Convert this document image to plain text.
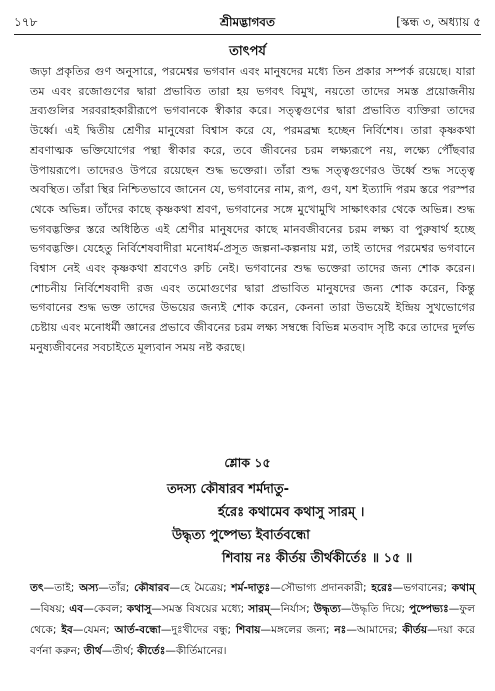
১৭৮	শ্রীমদ্ভাগবত	[স্কন্ধ ৩, অধ্যায় ৫
তাৎপর্য

জড়া প্রকৃতির গুণ অনুসারে, পরমেশ্বর ভগবান এবং মানুষদের মধ্যে তিন প্রকার সম্পর্ক রয়েছে। যারা তম এবং রজোগুণের দ্বারা প্রভাবিত তারা হয় ভগবৎ বিমুখ, নয়তো তাদের সমস্ত প্রয়োজনীয় দ্রব্যগুলির সরবরাহকারীরূপে ভগবানকে স্বীকার করে। সত্ত্বগুণের দ্বারা প্রভাবিত ব্যক্তিরা তাদের উর্ধ্বে। এই দ্বিতীয় শ্রেণীর মানুষেরা বিশ্বাস করে যে, পরমব্রহ্ম হচ্ছেন নির্বিশেষ। তারা কৃষ্ণকথা শ্রবণাত্মক ভক্তিযোগের পন্থা স্বীকার করে, তবে জীবনের চরম লক্ষ্যরূপে নয়, লক্ষ্যে পৌঁছবার উপায়রূপে। তাদেরও উপরে রয়েছেন শুদ্ধ ভক্তেরা। তাঁরা শুদ্ধ সত্ত্বগুণেরও উর্ধ্বে শুদ্ধ সত্ত্বে অবস্থিত। তাঁরা স্থির নিশ্চিতভাবে জানেন যে, ভগবানের নাম, রূপ, গুণ, যশ ইত্যাদি পরম স্তরে পরস্পর থেকে অভিন্ন। তাঁদের কাছে কৃষ্ণকথা শ্রবণ, ভগবানের সঙ্গে মুখোমুখি সাক্ষাৎকার থেকে অভিন্ন। শুদ্ধ ভগবদ্ভক্তির স্তরে অধিষ্ঠিত এই শ্রেণীর মানুষদের কাছে মানবজীবনের চরম লক্ষ্য বা পুরুষার্থ হচ্ছে ভগবদ্ভক্তি। যেহেতু নির্বিশেষবাদীরা মনোধর্ম-প্রসূত জল্পনা-কল্পনায় মগ্ন, তাই তাদের পরমেশ্বর ভগবানে বিশ্বাস নেই এবং কৃষ্ণকথা শ্রবণেও রুচি নেই। ভগবানের শুদ্ধ ভক্তেরা তাদের জন্য শোক করেন। শোচনীয় নির্বিশেষবাদী রজ এবং তমোগুণের দ্বারা প্রভাবিত মানুষদের জন্য শোক করেন, কিন্তু ভগবানের শুদ্ধ ভক্ত তাদের উভয়ের জন্যই শোক করেন, কেননা তারা উভয়েই ইন্দ্রিয় সুখভোগের চেষ্টায় এবং মনোধর্মী জ্ঞানের প্রভাবে জীবনের চরম লক্ষ্য সম্বন্ধে বিভিন্ন মতবাদ সৃষ্টি করে তাদের দুর্লভ মনুষ্যজীবনের সবচাইতে মূল্যবান সময় নষ্ট করছে।

শ্লোক ১৫
তদস্য কৌষারব শর্মদাতু-
র্হরেঃ কথামেব কথাসু সারম্ ।
উদ্ধৃত্য পুষ্পেভ্য ইবার্তবন্ধো
শিবায় নঃ কীর্তয় তীর্থকীর্তেঃ ॥ ১৫ ॥

তৎ—তাই; অস্য—তাঁর; কৌষারব—হে মৈত্রেয়; শর্ম-দাতুঃ—সৌভাগ্য প্রদানকারী; হরেঃ—ভগবানের; কথাম্—বিষয়; এব—কেবল; কথাসু—সমস্ত বিষয়ের মধ্যে; সারম্—নির্যাস; উদ্ধৃত্য—উদ্ধৃতি দিয়ে; পুষ্পেভ্যঃ—ফুল থেকে; ইব—যেমন; আর্ত-বন্ধো—দুঃখীদের বন্ধু; শিবায়—মঙ্গলের জন্য; নঃ—আমাদের; কীর্তয়—দয়া করে বর্ণনা করুন; তীর্থ—তীর্থ; কীর্তেঃ—কীর্তিমানের।
